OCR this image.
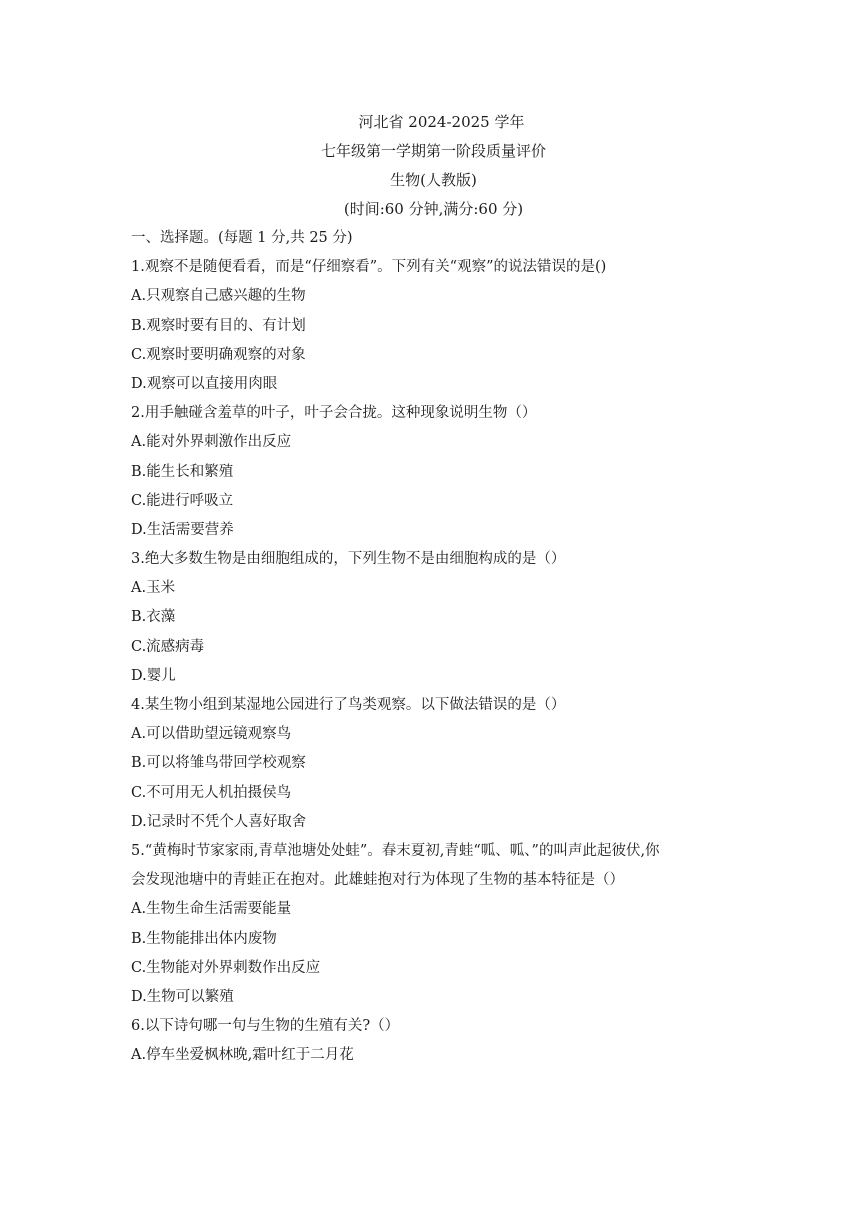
河北省 2024-2025 学年
七年级第一学期第一阶段质量评价
生物(人教版)
(时间:60 分钟,满分:60 分)
一、选择题。(每题 1 分,共 25 分)
1.观察不是随便看看，而是“仔细察看”。下列有关“观察”的说法错误的是()
A.只观察自己感兴趣的生物
B.观察时要有目的、有计划
C.观察时要明确观察的对象
D.观察可以直接用肉眼
2.用手触碰含羞草的叶子，叶子会合拢。这种现象说明生物（）
A.能对外界刺激作出反应
B.能生长和繁殖
C.能进行呼吸立
D.生活需要营养
3.绝大多数生物是由细胞组成的，下列生物不是由细胞构成的是（）
A.玉米
B.衣藻
C.流感病毒
D.婴儿
4.某生物小组到某湿地公园进行了鸟类观察。以下做法错误的是（）
A.可以借助望远镜观察鸟
B.可以将雏鸟带回学校观察
C.不可用无人机拍摄侯鸟
D.记录时不凭个人喜好取舍
5.“黄梅时节家家雨,青草池塘处处蛙”。春末夏初,青蛙“呱、呱、”的叫声此起彼伏,你
会发现池塘中的青蛙正在抱对。此雄蛙抱对行为体现了生物的基本特征是（）
A.生物生命生活需要能量
B.生物能排出体内废物
C.生物能对外界刺数作出反应
D.生物可以繁殖
6.以下诗句哪一句与生物的生殖有关?（）
A.停车坐爱枫林晚,霜叶红于二月花
